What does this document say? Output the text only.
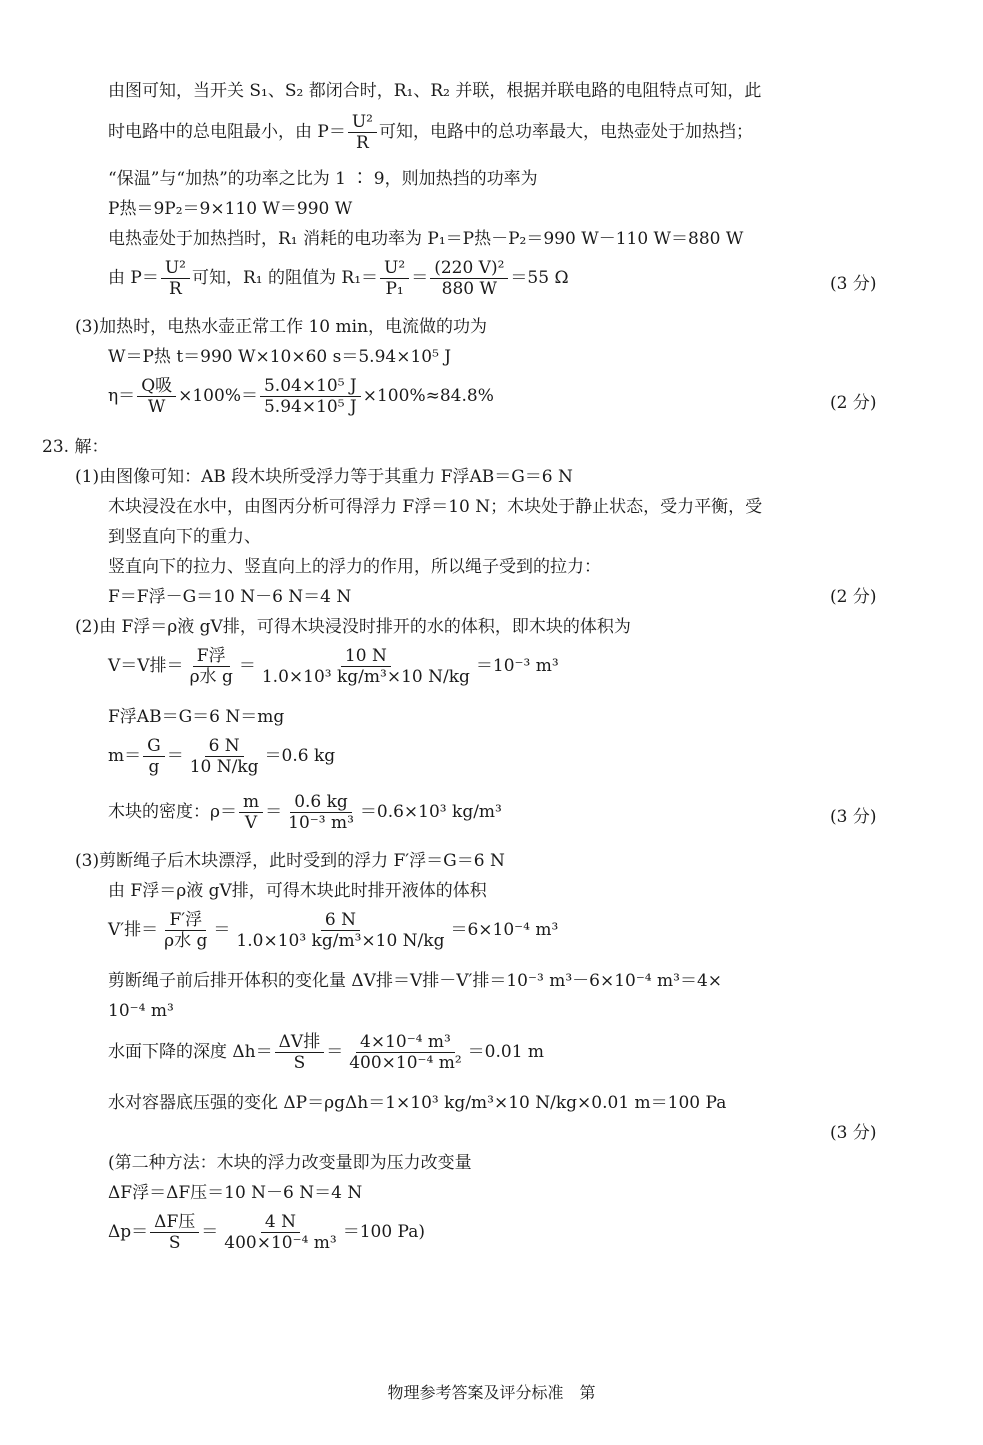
由图可知，当开关 S₁、S₂ 都闭合时，R₁、R₂ 并联，根据并联电路的电阻特点可知，此
时电路中的总电阻最小，由 $P= \frac{\text{U²}}{R}$ 可知，电路中的总功率最大，电热壶处于加热挡；
“保温”与“加热”的功率之比为 1 ∶ 9，则加热挡的功率为
P热＝9P₂＝9×110 W＝990 W
电热壶处于加热挡时，R₁ 消耗的电功率为 P₁＝P热－P₂＝990 W－110 W＝880 W
由 $P= \frac{\text{U²}}{R}$ 可知，R₁ 的阻值为 $R_1= \frac{\text{U²}}{\text{P₁}} = \frac{\text{(220 V)²}}{880 W} =55$ Ω	(3 分)
(3)加热时，电热水壶正常工作 10 min，电流做的功为
W＝P热 t＝990 W×10×60 s＝5.94×10⁵ J
$\eta= \frac{\text{Q吸}}{W} \times 100\%= \frac{\text{5.04×10⁵ J}}{\text{5.94×10⁵ J}} \times 100\%\approx 84.8\%$	(2 分)
23. 解：
(1)由图像可知：AB 段木块所受浮力等于其重力 F浮AB＝G＝6 N
木块浸没在水中，由图丙分析可得浮力 F浮＝10 N；木块处于静止状态，受力平衡，受
到竖直向下的重力、
竖直向下的拉力、竖直向上的浮力的作用，所以绳子受到的拉力：
F＝F浮－G＝10 N－6 N＝4 N	(2 分)
(2)由 F浮＝ρ液 gV排，可得木块浸没时排开的水的体积，即木块的体积为
V＝V排＝ $\frac{\text{F浮}}{\text{ρ水 g}} = \frac{10 N}{\text{1.0×10³ kg/m³×10 N/kg}} =10^{-3}$ m³
F浮AB＝G＝6 N＝mg
$m= \frac{G}{g} = \frac{6 N}{10 N/kg} =0.6$ kg
木块的密度：$\rho= \frac{m}{V} = \frac{0.6 kg}{\text{10⁻³ m³}} =0.6\times 10^3$ kg/m³	(3 分)
(3)剪断绳子后木块漂浮，此时受到的浮力 F′浮＝G＝6 N
由 F浮＝ρ液 gV排，可得木块此时排开液体的体积
V′排＝ $\frac{\text{F′浮}}{\text{ρ水 g}} = \frac{6 N}{\text{1.0×10³ kg/m³×10 N/kg}} =6\times 10^{-4}$ m³
剪断绳子前后排开体积的变化量 ΔV排＝V排－V′排＝10⁻³ m³－6×10⁻⁴ m³＝4×
10⁻⁴ m³
水面下降的深度 $\Delta h= \frac{\text{ΔV排}}{S} = \frac{\text{4×10⁻⁴ m³}}{\text{400×10⁻⁴ m²}} =0.01$ m
水对容器底压强的变化 ΔP＝ρgΔh＝1×10³ kg/m³×10 N/kg×0.01 m＝100 Pa
(3 分)
(第二种方法：木块的浮力改变量即为压力改变量
ΔF浮＝ΔF压＝10 N－6 N＝4 N
$\Delta p= \frac{\text{ΔF压}}{S} = \frac{4 N}{\text{400×10⁻⁴ m³}} =100$ Pa)
物理参考答案及评分标准　第
